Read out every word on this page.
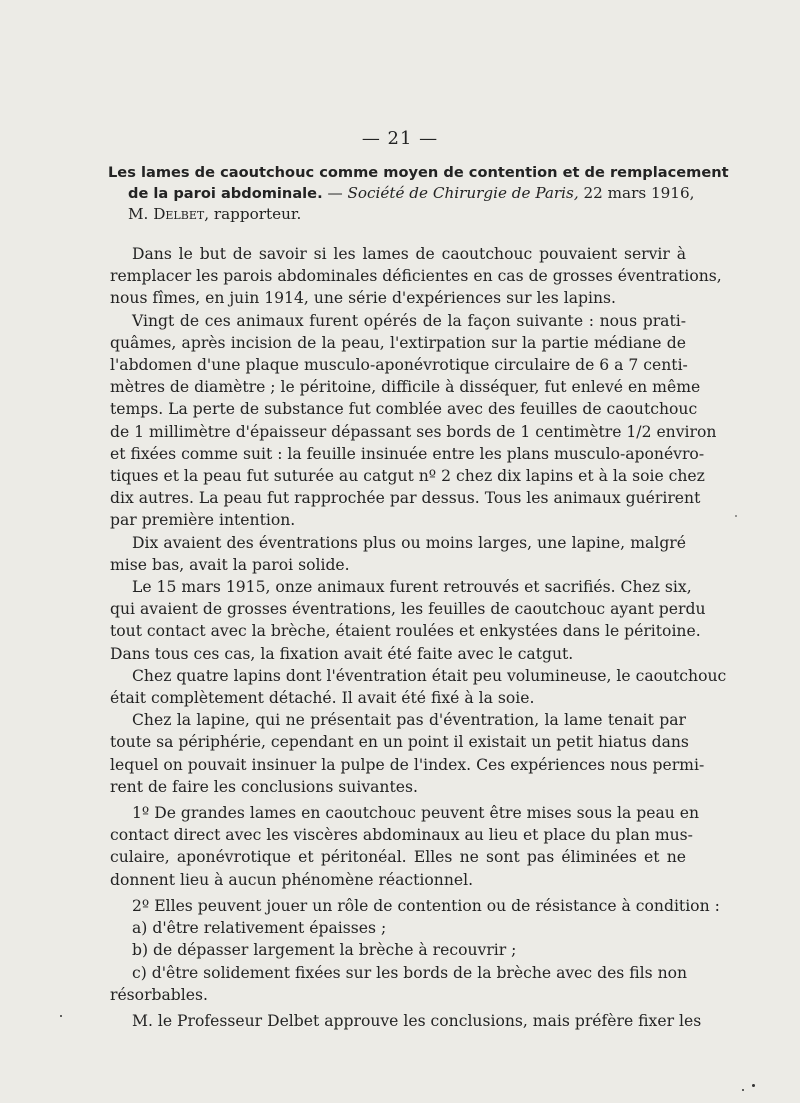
— 21 —
Les lames de caoutchouc comme moyen de contention et de remplacement
de la paroi abdominale. — Société de Chirurgie de Paris, 22 mars 1916,
M. Delbet, rapporteur.

Dans le but de savoir si les lames de caoutchouc pouvaient servir à
remplacer les parois abdominales déficientes en cas de grosses éventrations,
nous fîmes, en juin 1914, une série d'expériences sur les lapins.

Vingt de ces animaux furent opérés de la façon suivante : nous prati-
quâmes, après incision de la peau, l'extirpation sur la partie médiane de
l'abdomen d'une plaque musculo-aponévrotique circulaire de 6 a 7 centi-
mètres de diamètre ; le péritoine, difficile à disséquer, fut enlevé en même
temps. La perte de substance fut comblée avec des feuilles de caoutchouc
de 1 millimètre d'épaisseur dépassant ses bords de 1 centimètre 1/2 environ
et fixées comme suit : la feuille insinuée entre les plans musculo-aponévro-
tiques et la peau fut suturée au catgut nº 2 chez dix lapins et à la soie chez
dix autres. La peau fut rapprochée par dessus. Tous les animaux guérirent
par première intention.

Dix avaient des éventrations plus ou moins larges, une lapine, malgré
mise bas, avait la paroi solide.

Le 15 mars 1915, onze animaux furent retrouvés et sacrifiés. Chez six,
qui avaient de grosses éventrations, les feuilles de caoutchouc ayant perdu
tout contact avec la brèche, étaient roulées et enkystées dans le péritoine.
Dans tous ces cas, la fixation avait été faite avec le catgut.

Chez quatre lapins dont l'éventration était peu volumineuse, le caoutchouc
était complètement détaché. Il avait été fixé à la soie.

Chez la lapine, qui ne présentait pas d'éventration, la lame tenait par
toute sa périphérie, cependant en un point il existait un petit hiatus dans
lequel on pouvait insinuer la pulpe de l'index. Ces expériences nous permi-
rent de faire les conclusions suivantes.

1º De grandes lames en caoutchouc peuvent être mises sous la peau en
contact direct avec les viscères abdominaux au lieu et place du plan mus-
culaire, aponévrotique et péritonéal. Elles ne sont pas éliminées et ne
donnent lieu à aucun phénomène réactionnel.

2º Elles peuvent jouer un rôle de contention ou de résistance à condition :

a) d'être relativement épaisses ;

b) de dépasser largement la brèche à recouvrir ;

c) d'être solidement fixées sur les bords de la brèche avec des fils non
résorbables.

M. le Professeur Delbet approuve les conclusions, mais préfère fixer les
